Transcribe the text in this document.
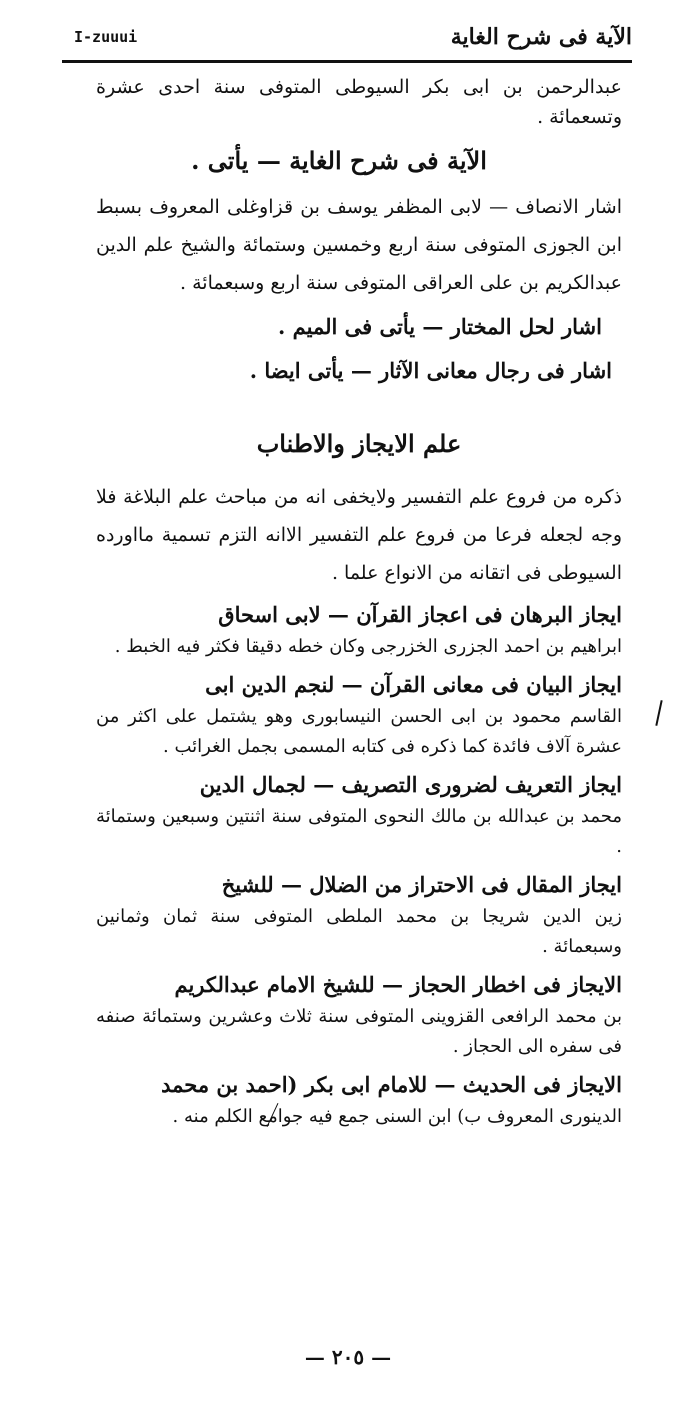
الآية فى شرح الغاية
I-zuuui

عبدالرحمن بن ابى بكر السيوطى المتوفى سنة احدى عشرة وتسعمائة .

الآية فى شرح الغاية — يأتى .

اشار الانصاف — لابى المظفر يوسف بن قزاوغلى المعروف بسبط ابن الجوزى المتوفى سنة اربع وخمسين وستمائة والشيخ علم الدين عبدالكريم بن على العراقى المتوفى سنة اربع وسبعمائة .

اشار لحل المختار — يأتى فى الميم .

اشار فى رجال معانى الآثار — يأتى ايضا .

علم الايجاز والاطناب

ذكره من فروع علم التفسير ولايخفى انه من مباحث علم البلاغة فلا وجه لجعله فرعا من فروع علم التفسير الاانه التزم تسمية مااورده السيوطى فى اتقانه من الانواع علما .

ايجاز البرهان فى اعجاز القرآن — لابى اسحاق
ابراهيم بن احمد الجزرى الخزرجى وكان خطه دقيقا فكثر فيه الخبط .
ايجاز البيان فى معانى القرآن — لنجم الدين ابى
القاسم محمود بن ابى الحسن النيسابورى وهو يشتمل على اكثر من عشرة آلاف فائدة كما ذكره فى كتابه المسمى بجمل الغرائب .
ايجاز التعريف لضرورى التصريف — لجمال الدين
محمد بن عبدالله بن مالك النحوى المتوفى سنة اثنتين وسبعين وستمائة .
ايجاز المقال فى الاحتراز من الضلال — للشيخ
زين الدين شريجا بن محمد الملطى المتوفى سنة ثمان وثمانين وسبعمائة .
الايجاز فى اخطار الحجاز — للشيخ الامام عبدالكريم
بن محمد الرافعى القزوينى المتوفى سنة ثلاث وعشرين وستمائة صنفه فى سفره الى الحجاز .
الايجاز فى الحديث — للامام ابى بكر (احمد بن محمد
الدينورى المعروف ب) ابن السنى جمع فيه جوامع الكلم منه .
— ٢٠٥ —
